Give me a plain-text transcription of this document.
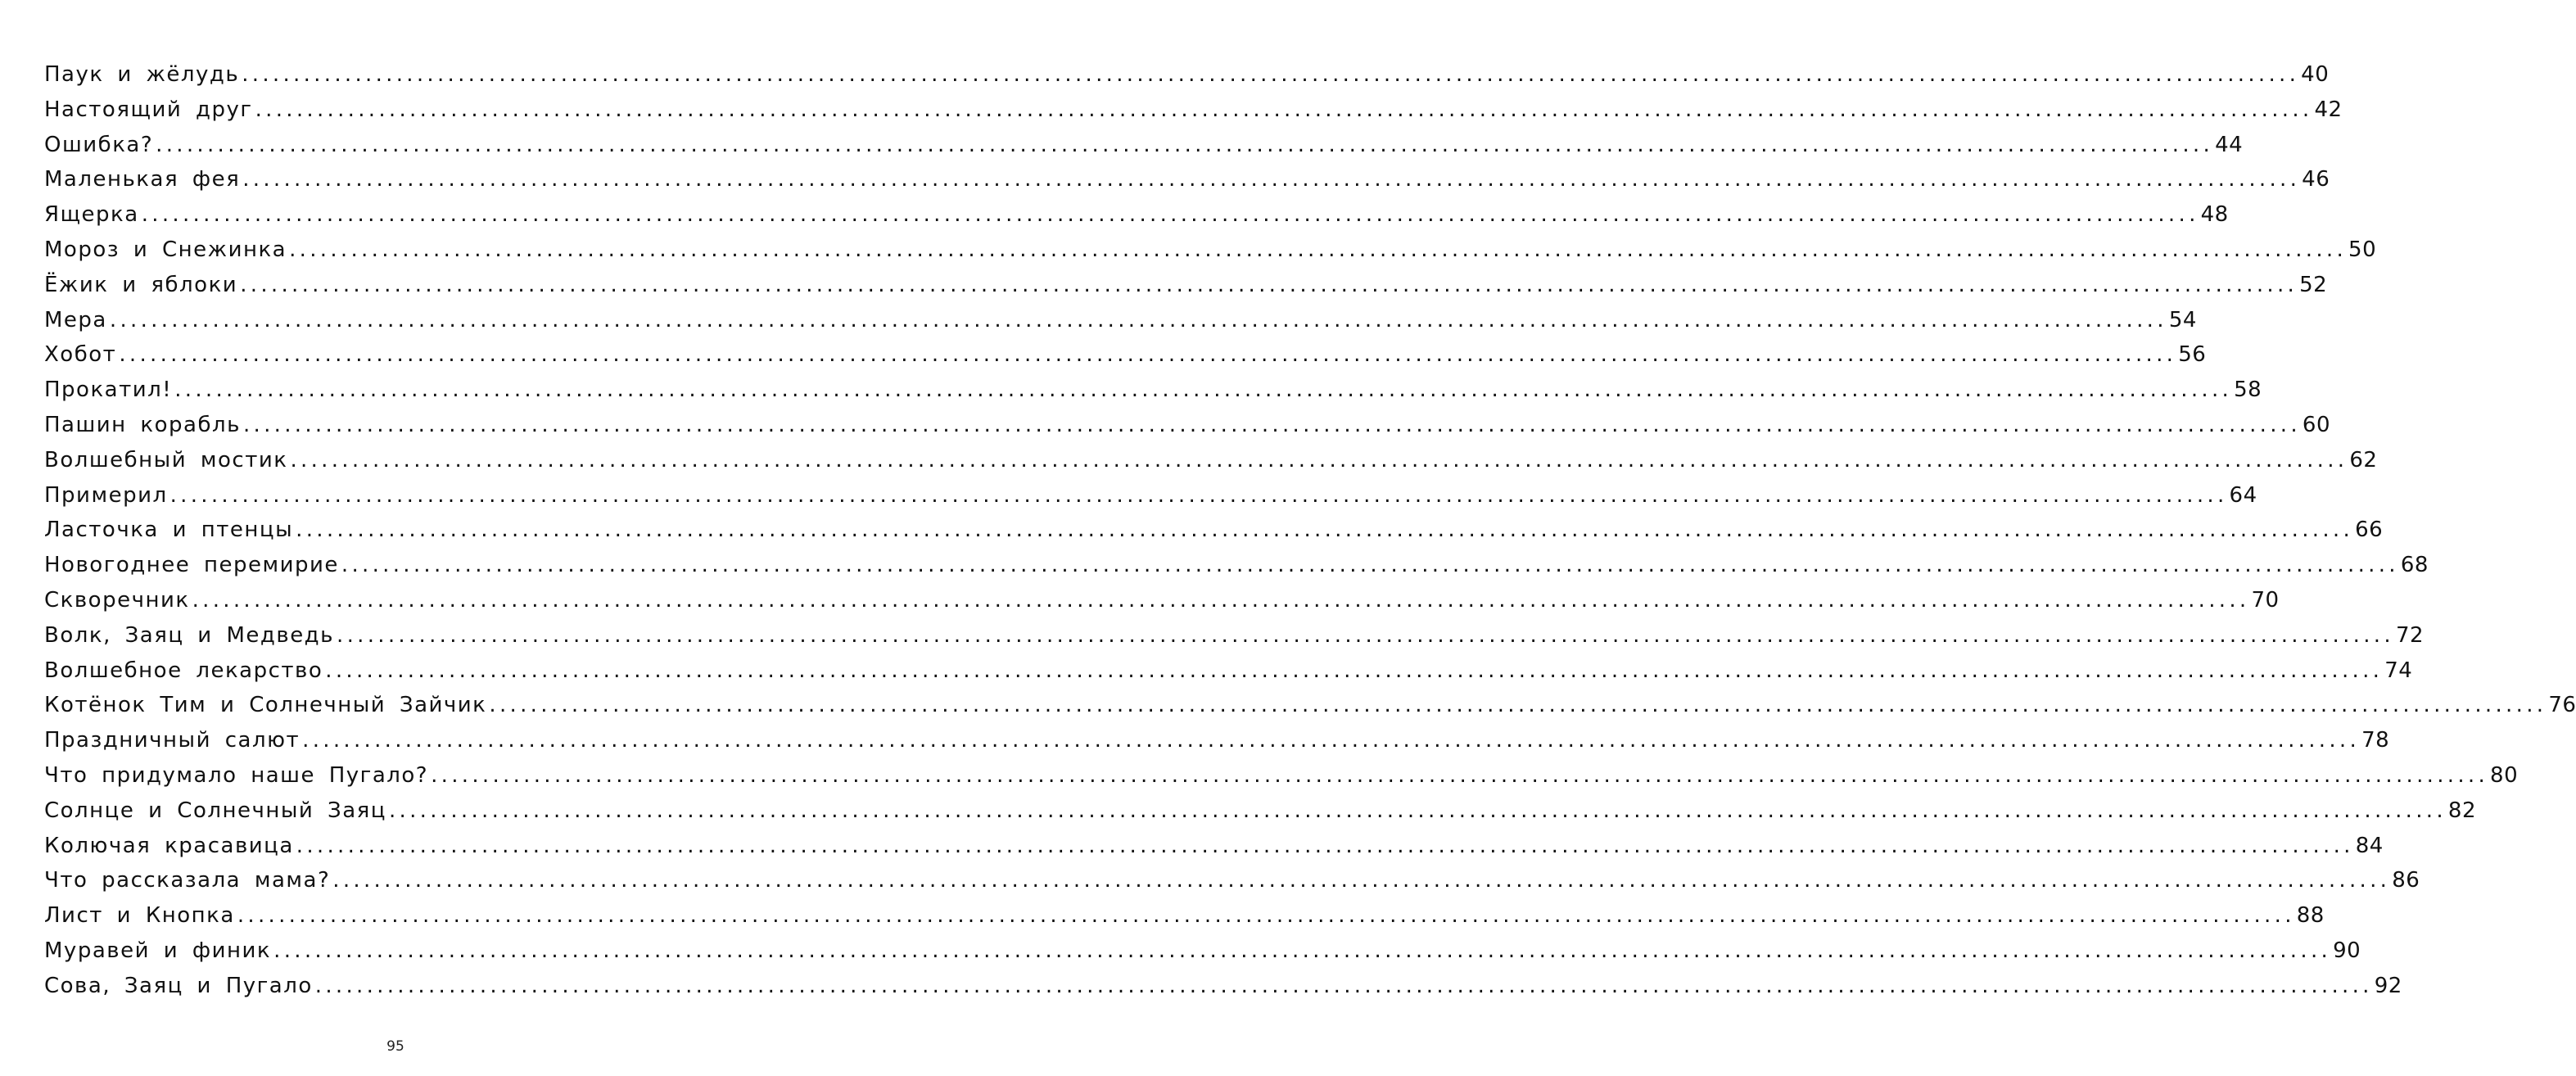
Паук и жёлудь ........................................................................................................................................................................................................ 40
Настоящий друг ........................................................................................................................................................................................................ 42
Ошибка? ........................................................................................................................................................................................................ 44
Маленькая фея ........................................................................................................................................................................................................ 46
Ящерка ........................................................................................................................................................................................................ 48
Мороз и Снежинка ........................................................................................................................................................................................................ 50
Ёжик и яблоки ........................................................................................................................................................................................................ 52
Мера ........................................................................................................................................................................................................ 54
Хобот ........................................................................................................................................................................................................ 56
Прокатил! ........................................................................................................................................................................................................ 58
Пашин корабль ........................................................................................................................................................................................................ 60
Волшебный мостик ........................................................................................................................................................................................................ 62
Примерил ........................................................................................................................................................................................................ 64
Ласточка и птенцы ........................................................................................................................................................................................................ 66
Новогоднее перемирие ........................................................................................................................................................................................................ 68
Скворечник ........................................................................................................................................................................................................ 70
Волк, Заяц и Медведь ........................................................................................................................................................................................................ 72
Волшебное лекарство ........................................................................................................................................................................................................ 74
Котёнок Тим и Солнечный Зайчик ........................................................................................................................................................................................................ 76
Праздничный салют ........................................................................................................................................................................................................ 78
Что придумало наше Пугало? ........................................................................................................................................................................................................ 80
Солнце и Солнечный Заяц ........................................................................................................................................................................................................ 82
Колючая красавица ........................................................................................................................................................................................................ 84
Что рассказала мама? ........................................................................................................................................................................................................ 86
Лист и Кнопка ........................................................................................................................................................................................................ 88
Муравей и финик ........................................................................................................................................................................................................ 90
Сова, Заяц и Пугало ........................................................................................................................................................................................................ 92
95
